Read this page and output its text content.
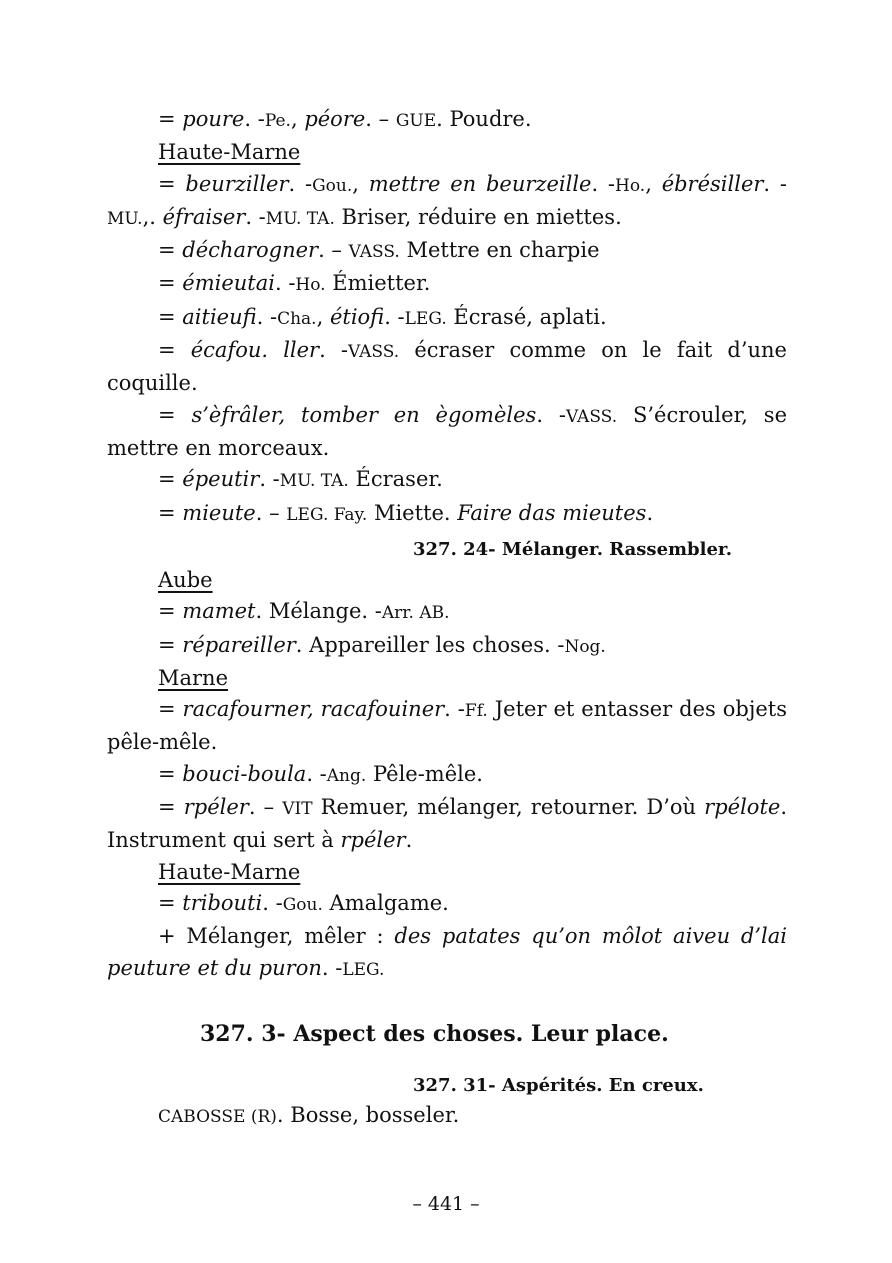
= poure. -Pe., péore. – GUE. Poudre.

Haute-Marne

= beurziller. -Gou., mettre en beurzeille. -Ho., ébrésiller. -MU.,. éfraiser. -MU. TA. Briser, réduire en miettes.

= décharogner. – VASS. Mettre en charpie

= émieutai. -Ho. Émietter.

= aitieufi. -Cha., étiofi. -LEG. Écrasé, aplati.

= écafou. ller. -VASS. écraser comme on le fait d’une coquille.

= s’èfrâler, tomber en ègomèles. -VASS. S’écrouler, se mettre en morceaux.

= épeutir. -MU. TA. Écraser.

= mieute. – LEG. Fay. Miette. Faire das mieutes.

327. 24- Mélanger. Rassembler.

Aube

= mamet. Mélange. -Arr. AB.

= répareiller. Appareiller les choses. -Nog.

Marne

= racafourner, racafouiner. -Ff. Jeter et entasser des objets pêle-mêle.

= bouci-boula. -Ang. Pêle-mêle.

= rpéler. – VIT Remuer, mélanger, retourner. D’où rpélote. Instrument qui sert à rpéler.

Haute-Marne

= tribouti. -Gou. Amalgame.

+ Mélanger, mêler : des patates qu’on môlot aiveu d’lai peuture et du puron. -LEG.

327. 3- Aspect des choses. Leur place.
327. 31- Aspérités. En creux.

CABOSSE (R). Bosse, bosseler.

– 441 –
